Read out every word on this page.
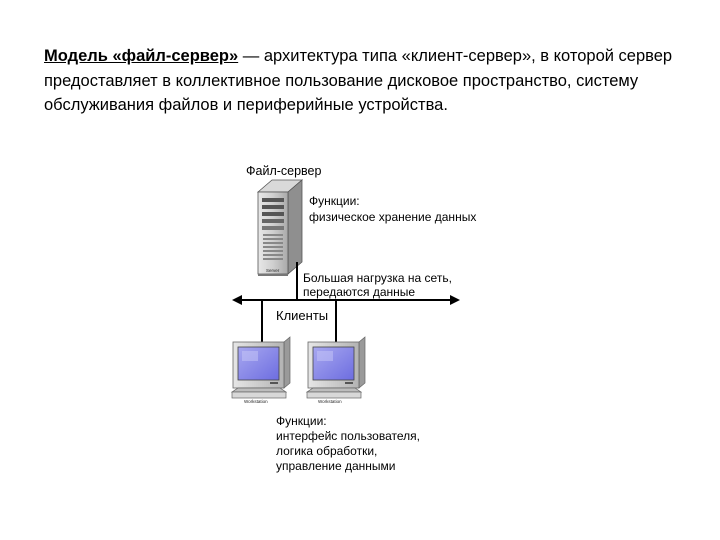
Модель «файл-сервер» — архитектура типа «клиент-сервер», в которой сервер предоставляет в коллективное пользование дисковое пространство, систему обслуживания файлов и периферийные устройства.

Server
Файл-сервер
Функции:
физическое хранение данных
Большая нагрузка на сеть,
передаются данные
Клиенты
Workstation	Workstation
Функции:
интерфейс пользователя,
логика обработки,
управление данными
